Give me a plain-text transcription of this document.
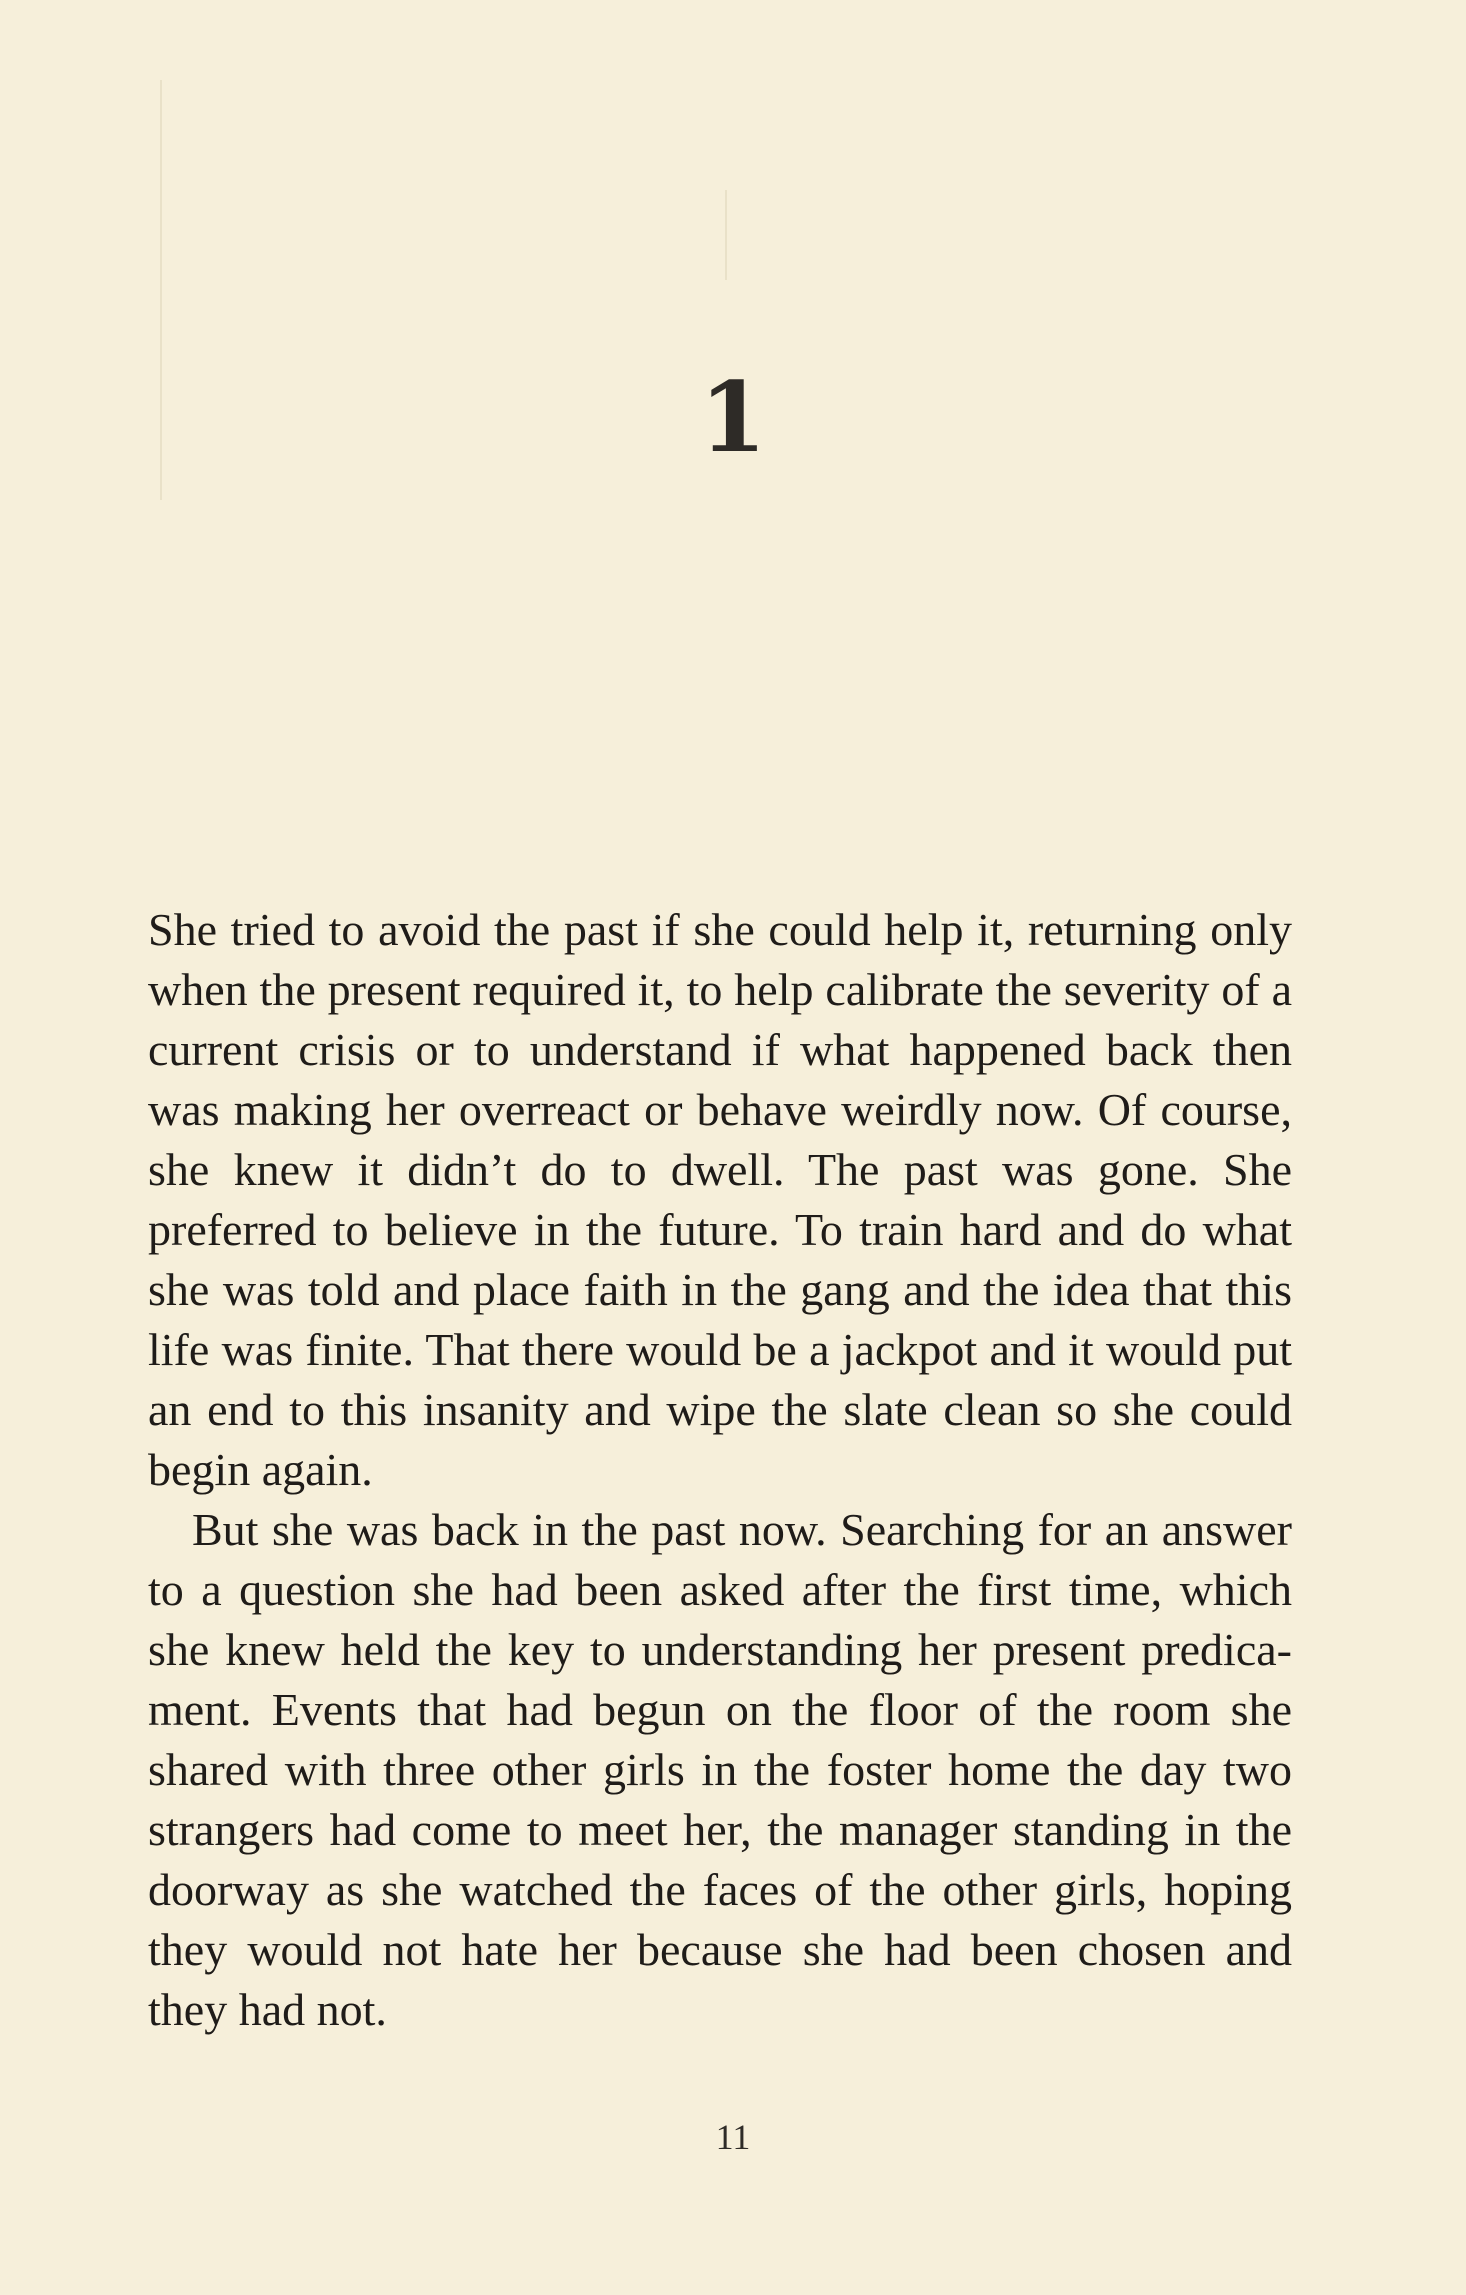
1

She tried to avoid the past if she could help it, returning only when the present required it, to help calibrate the severity of a current crisis or to understand if what happened back then was making her overreact or behave weirdly now. Of course, she knew it didn’t do to dwell. The past was gone. She preferred to believe in the future. To train hard and do what she was told and place faith in the gang and the idea that this life was finite. That there would be a jackpot and it would put an end to this insanity and wipe the slate clean so she could begin again.

But she was back in the past now. Searching for an answer to a question she had been asked after the first time, which she knew held the key to understanding her present predicament. Events that had begun on the floor of the room she shared with three other girls in the foster home the day two strangers had come to meet her, the manager standing in the doorway as she watched the faces of the other girls, hoping they would not hate her because she had been chosen and they had not.

11
